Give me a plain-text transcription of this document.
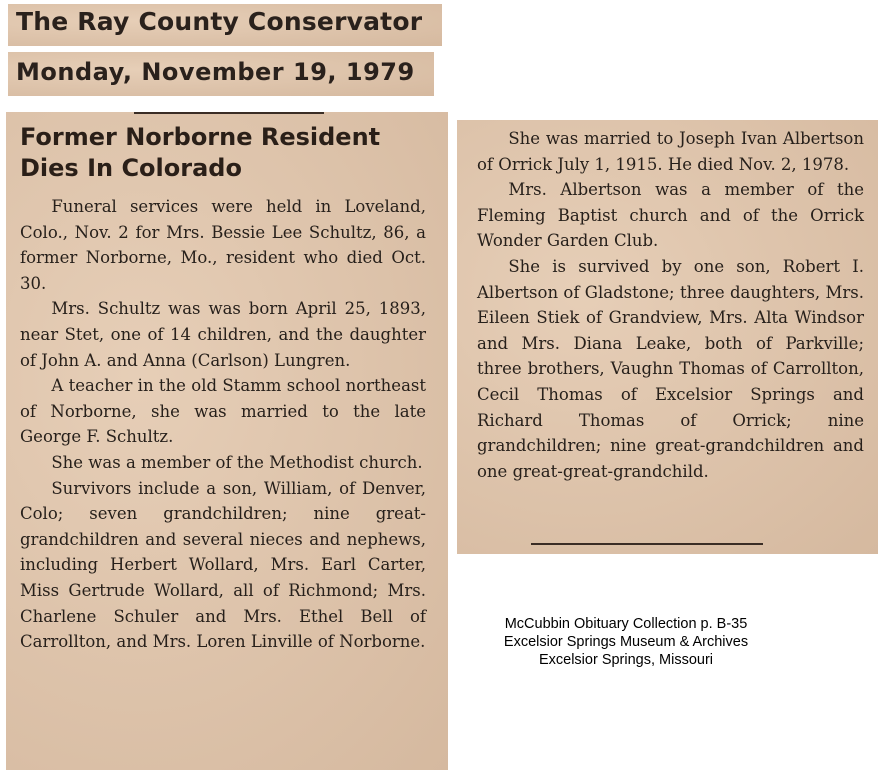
The Ray County Conservator
Monday, November 19, 1979
Former Norborne Resident
Dies In Colorado

Funeral services were held in Loveland, Colo., Nov. 2 for Mrs. Bessie Lee Schultz, 86, a former Norborne, Mo., resident who died Oct. 30.

Mrs. Schultz was was born April 25, 1893, near Stet, one of 14 children, and the daughter of John A. and Anna (Carlson) Lungren.

A teacher in the old Stamm school northeast of Norborne, she was married to the late George F. Schultz.

She was a member of the Methodist church.

Survivors include a son, William, of Denver, Colo; seven grandchildren; nine great-grandchildren and several nieces and nephews, including Herbert Wollard, Mrs. Earl Carter, Miss Gertrude Wollard, all of Richmond; Mrs. Charlene Schuler and Mrs. Ethel Bell of Carrollton, and Mrs. Loren Linville of Norborne.

She was married to Joseph Ivan Albertson of Orrick July 1, 1915. He died Nov. 2, 1978.

Mrs. Albertson was a member of the Fleming Baptist church and of the Orrick Wonder Garden Club.

She is survived by one son, Robert I. Albertson of Gladstone; three daughters, Mrs. Eileen Stiek of Grandview, Mrs. Alta Windsor and Mrs. Diana Leake, both of Parkville; three brothers, Vaughn Thomas of Carrollton, Cecil Thomas of Excelsior Springs and Richard Thomas of Orrick; nine grandchildren; nine great-grandchildren and one great-great-grandchild.

McCubbin Obituary Collection p. B-35
Excelsior Springs Museum & Archives
Excelsior Springs, Missouri
